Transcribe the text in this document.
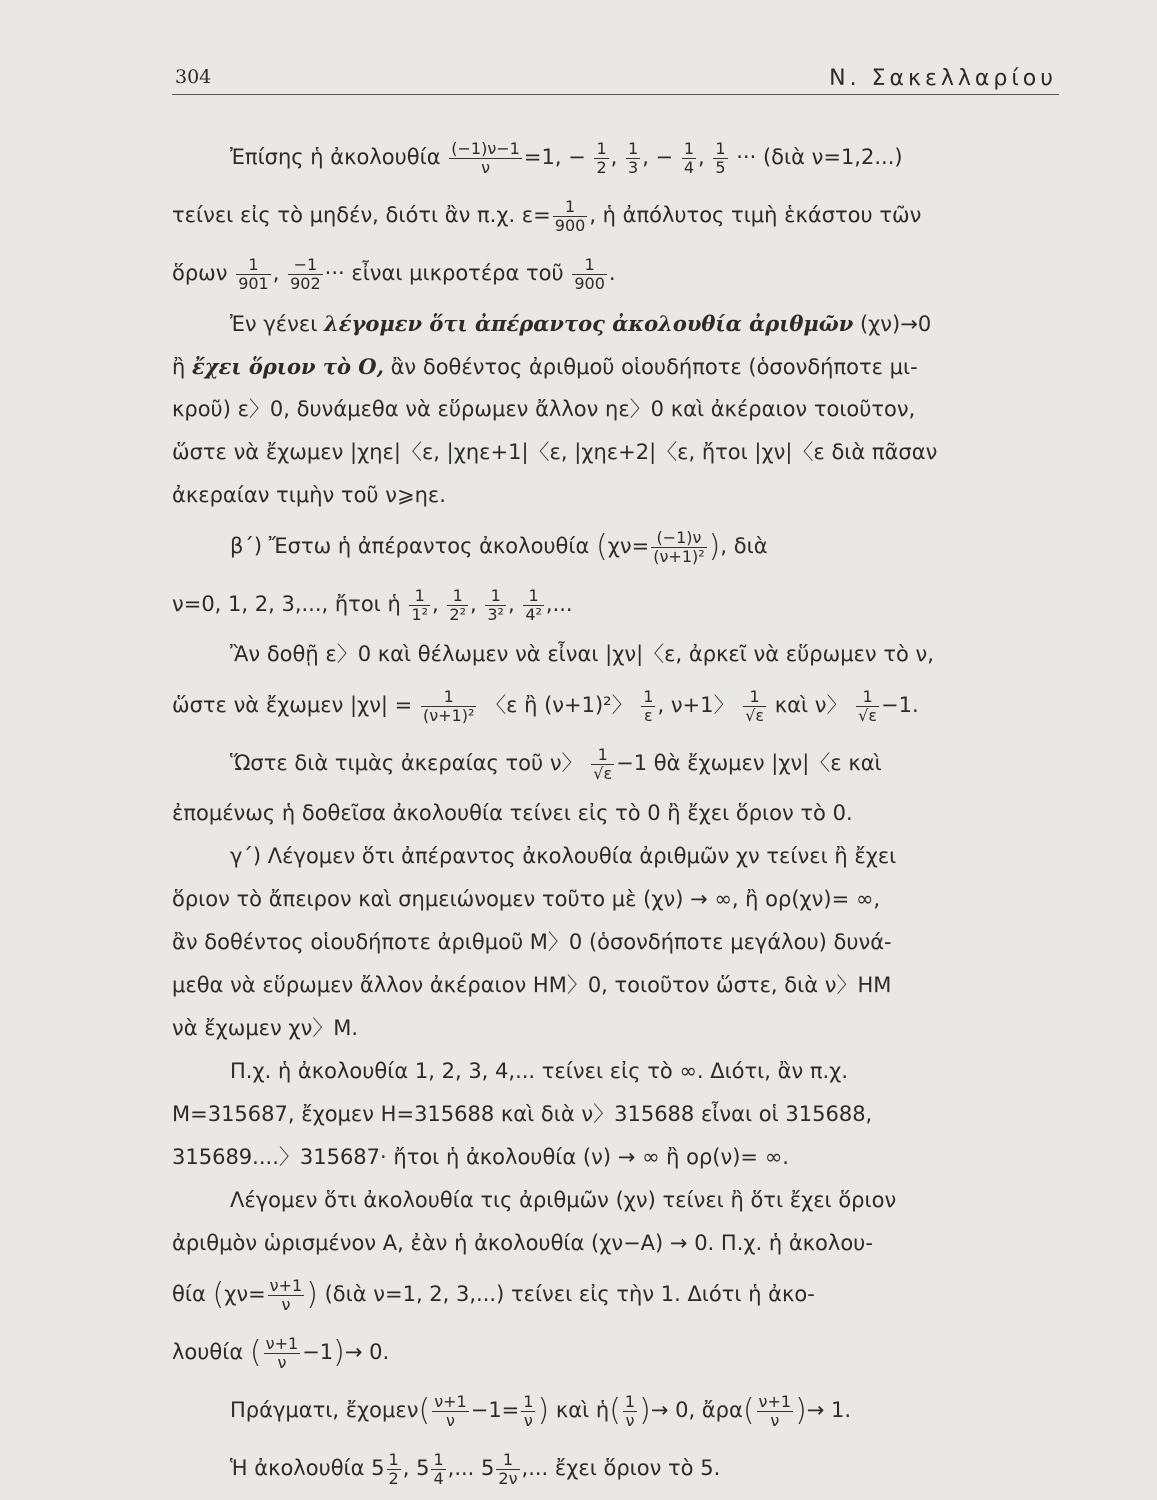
304	Ν. Σακελλαρίου
Ἐπίσης ἡ ἀκολουθία $\frac{(-1)\nu-1}{\nu} =1$, − $\frac{1}{2}$ , $\frac{1}{3}$ , − $\frac{1}{4}$ , $\frac{1}{5}$ ··· (διὰ ν=1,2...)
τείνει εἰς τὸ μηδέν, διότι ἂν π.χ. $\varepsilon= \frac{1}{900}$ , ἡ ἀπόλυτος τιμὴ ἑκάστου τῶν
ὅρων $\frac{1}{901}$ , $\frac{-1}{902}$ ··· εἶναι μικροτέρα τοῦ $\frac{1}{900}$ .
Ἐν γένει λέγομεν ὅτι ἀπέραντος ἀκολουθία ἀριθμῶν (χν)→0
ἢ ἔχει ὅριον τὸ Ο, ἂν δοθέντος ἀριθμοῦ οἱουδήποτε (ὁσονδήποτε μι-
κροῦ) ε〉0, δυνάμεθα νὰ εὕρωμεν ἄλλον ηε〉0 καὶ ἀκέραιον τοιοῦτον,
ὥστε νὰ ἔχωμεν |χηε|〈ε, |χηε+1|〈ε, |χηε+2|〈ε, ἤτοι |χν|〈ε διὰ πᾶσαν
ἀκεραίαν τιμὴν τοῦ ν⩾ηε.
β΄) Ἔστω ἡ ἀπέραντος ἀκολουθία ($\chi\nu= \frac{(-1)\nu}{\text{(ν+1)²}}$ ), διὰ
ν=0, 1, 2, 3,..., ἤτοι ἡ $\frac{1}{\text{1²}}$ , $\frac{1}{\text{2²}}$ , $\frac{1}{\text{3²}}$ , $\frac{1}{\text{4²}}$ ,...
Ἂν δοθῇ ε〉0 καὶ θέλωμεν νὰ εἶναι |χν|〈ε, ἀρκεῖ νὰ εὕρωμεν τὸ ν,
ὥστε νὰ ἔχωμεν $|\chi\nu| = \frac{1}{\text{(ν+1)²}}$ 〈ε ἢ (ν+1)²〉 $\frac{1}{\varepsilon}$ , ν+1〉 $\frac{1}{√\varepsilon}$ καὶ ν〉 $\frac{1}{√\varepsilon} -1$.
Ὥστε διὰ τιμὰς ἀκεραίας τοῦ ν〉 $\frac{1}{√\varepsilon} -1$ θὰ ἔχωμεν |χν|〈ε καὶ
ἐπομένως ἡ δοθεῖσα ἀκολουθία τείνει εἰς τὸ 0 ἢ ἔχει ὅριον τὸ 0.
γ΄) Λέγομεν ὅτι ἀπέραντος ἀκολουθία ἀριθμῶν χν τείνει ἢ ἔχει
ὅριον τὸ ἄπειρον καὶ σημειώνομεν τοῦτο μὲ (χν) → ∞, ἢ ορ(χν)= ∞,
ἂν δοθέντος οἱουδήποτε ἀριθμοῦ Μ〉0 (ὁσονδήποτε μεγάλου) δυνά-
μεθα νὰ εὕρωμεν ἄλλον ἀκέραιον ΗΜ〉0, τοιοῦτον ὥστε, διὰ ν〉ΗΜ
νὰ ἔχωμεν χν〉Μ.
Π.χ. ἡ ἀκολουθία 1, 2, 3, 4,... τείνει εἰς τὸ ∞. Διότι, ἂν π.χ.
Μ=315687, ἔχομεν Η=315688 καὶ διὰ ν〉315688 εἶναι οἱ 315688,
315689....〉315687· ἤτοι ἡ ἀκολουθία (ν) → ∞ ἢ ορ(ν)= ∞.
Λέγομεν ὅτι ἀκολουθία τις ἀριθμῶν (χν) τείνει ἢ ὅτι ἔχει ὅριον
ἀριθμὸν ὡρισμένον Α, ἐὰν ἡ ἀκολουθία (χν−Α) → 0. Π.χ. ἡ ἀκολου-
θία ($\chi\nu= \frac{\nu+1}{\nu}$ ) (διὰ ν=1, 2, 3,...) τείνει εἰς τὴν 1. Διότι ἡ ἀκο-
λουθία ( $\frac{\nu+1}{\nu} -1)\to 0$.
Πράγματι, ἔχομεν( $\frac{\nu+1}{\nu} -1= \frac{1}{\nu}$ ) καὶ ἡ( $\frac{1}{\nu}$ )→ 0, ἄρα( $\frac{\nu+1}{\nu}$ )→ 1.
Ἡ ἀκολουθία $5 \frac{1}{2}$ , $5 \frac{1}{4}$ ,... $5 \frac{1}{2\nu}$ ,... ἔχει ὅριον τὸ 5.
